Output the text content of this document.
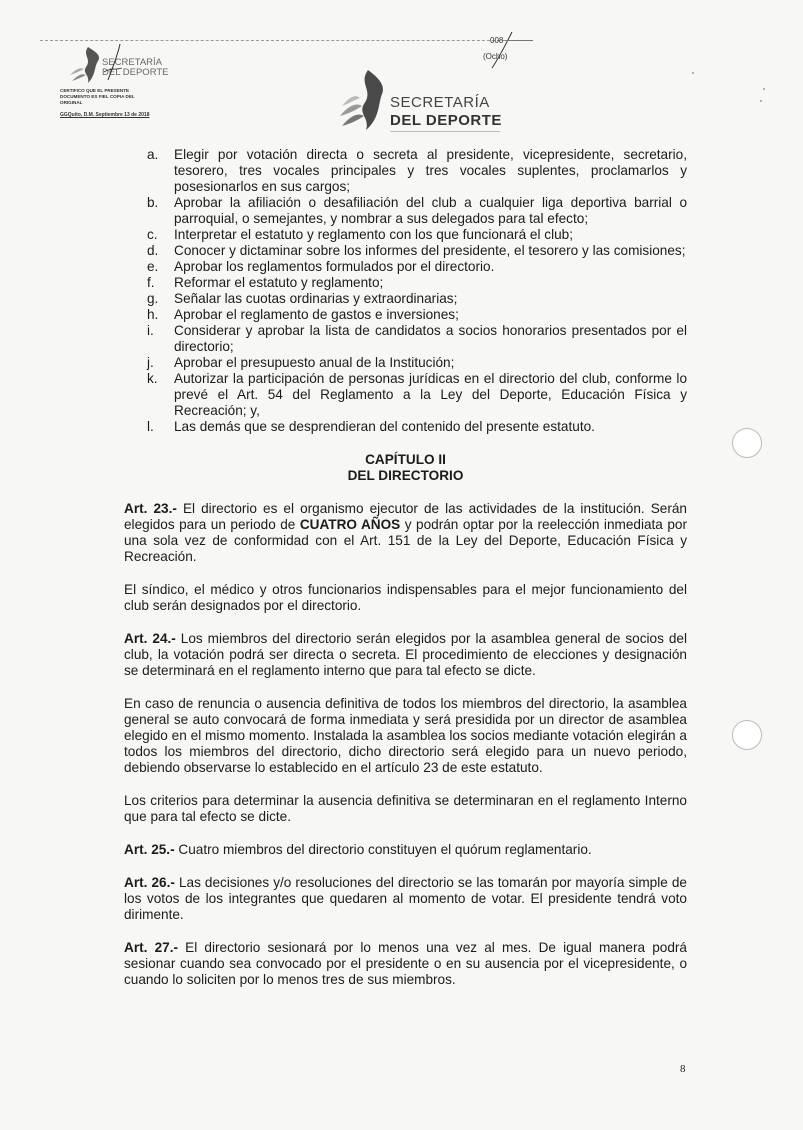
SECRETARÍA
DEL DEPORTE
CERTIFICO QUE EL PRESENTE DOCUMENTO ES FIEL COPIA DEL ORIGINAL
GGQuito, D.M. Septiembre 13 de 2018
008
(Ocho)
SECRETARÍA
DEL DEPORTE
a. Elegir por votación directa o secreta al presidente, vicepresidente, secretario, tesorero, tres vocales principales y tres vocales suplentes, proclamarlos y posesionarlos en sus cargos;
b. Aprobar la afiliación o desafiliación del club a cualquier liga deportiva barrial o parroquial, o semejantes, y nombrar a sus delegados para tal efecto;
c. Interpretar el estatuto y reglamento con los que funcionará el club;
d. Conocer y dictaminar sobre los informes del presidente, el tesorero y las comisiones;
e. Aprobar los reglamentos formulados por el directorio.
f. Reformar el estatuto y reglamento;
g. Señalar las cuotas ordinarias y extraordinarias;
h. Aprobar el reglamento de gastos e inversiones;
i. Considerar y aprobar la lista de candidatos a socios honorarios presentados por el directorio;
j. Aprobar el presupuesto anual de la Institución;
k. Autorizar la participación de personas jurídicas en el directorio del club, conforme lo prevé el Art. 54 del Reglamento a la Ley del Deporte, Educación Física y Recreación; y,
l. Las demás que se desprendieran del contenido del presente estatuto.
CAPÍTULO II
DEL DIRECTORIO

Art. 23.- El directorio es el organismo ejecutor de las actividades de la institución. Serán elegidos para un periodo de CUATRO AÑOS y podrán optar por la reelección inmediata por una sola vez de conformidad con el Art. 151 de la Ley del Deporte, Educación Física y Recreación.

El síndico, el médico y otros funcionarios indispensables para el mejor funcionamiento del club serán designados por el directorio.

Art. 24.- Los miembros del directorio serán elegidos por la asamblea general de socios del club, la votación podrá ser directa o secreta. El procedimiento de elecciones y designación se determinará en el reglamento interno que para tal efecto se dicte.

En caso de renuncia o ausencia definitiva de todos los miembros del directorio, la asamblea general se auto convocará de forma inmediata y será presidida por un director de asamblea elegido en el mismo momento. Instalada la asamblea los socios mediante votación elegirán a todos los miembros del directorio, dicho directorio será elegido para un nuevo periodo, debiendo observarse lo establecido en el artículo 23 de este estatuto.

Los criterios para determinar la ausencia definitiva se determinaran en el reglamento Interno que para tal efecto se dicte.

Art. 25.- Cuatro miembros del directorio constituyen el quórum reglamentario.

Art. 26.- Las decisiones y/o resoluciones del directorio se las tomarán por mayoría simple de los votos de los integrantes que quedaren al momento de votar. El presidente tendrá voto dirimente.

Art. 27.- El directorio sesionará por lo menos una vez al mes. De igual manera podrá sesionar cuando sea convocado por el presidente o en su ausencia por el vicepresidente, o cuando lo soliciten por lo menos tres de sus miembros.

8
